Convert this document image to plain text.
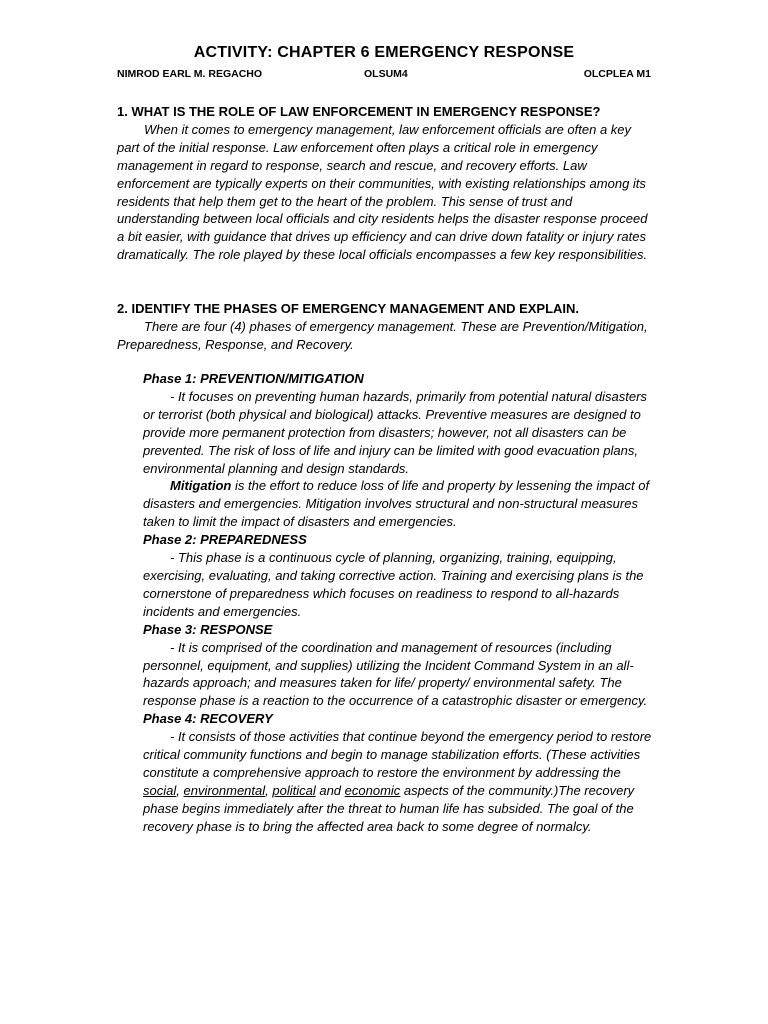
ACTIVITY: CHAPTER 6 EMERGENCY RESPONSE
NIMROD EARL M. REGACHO	OLSUM4	OLCPLEA M1

1. WHAT IS THE ROLE OF LAW ENFORCEMENT IN EMERGENCY RESPONSE?

When it comes to emergency management, law enforcement officials are often a key part of the initial response. Law enforcement often plays a critical role in emergency management in regard to response, search and rescue, and recovery efforts. Law enforcement are typically experts on their communities, with existing relationships among its residents that help them get to the heart of the problem. This sense of trust and understanding between local officials and city residents helps the disaster response proceed a bit easier, with guidance that drives up efficiency and can drive down fatality or injury rates dramatically. The role played by these local officials encompasses a few key responsibilities.

2. IDENTIFY THE PHASES OF EMERGENCY MANAGEMENT AND EXPLAIN.

There are four (4) phases of emergency management. These are Prevention/Mitigation, Preparedness, Response, and Recovery.

Phase 1: PREVENTION/MITIGATION

- It focuses on preventing human hazards, primarily from potential natural disasters or terrorist (both physical and biological) attacks. Preventive measures are designed to provide more permanent protection from disasters; however, not all disasters can be prevented. The risk of loss of life and injury can be limited with good evacuation plans, environmental planning and design standards.

Mitigation is the effort to reduce loss of life and property by lessening the impact of disasters and emergencies. Mitigation involves structural and non-structural measures taken to limit the impact of disasters and emergencies.

Phase 2: PREPAREDNESS

- This phase is a continuous cycle of planning, organizing, training, equipping, exercising, evaluating, and taking corrective action. Training and exercising plans is the cornerstone of preparedness which focuses on readiness to respond to all-hazards incidents and emergencies.

Phase 3: RESPONSE

- It is comprised of the coordination and management of resources (including personnel, equipment, and supplies) utilizing the Incident Command System in an all-hazards approach; and measures taken for life/ property/ environmental safety. The response phase is a reaction to the occurrence of a catastrophic disaster or emergency.

Phase 4: RECOVERY

- It consists of those activities that continue beyond the emergency period to restore critical community functions and begin to manage stabilization efforts. (These activities constitute a comprehensive approach to restore the environment by addressing the social, environmental, political and economic aspects of the community.)The recovery phase begins immediately after the threat to human life has subsided. The goal of the recovery phase is to bring the affected area back to some degree of normalcy.
